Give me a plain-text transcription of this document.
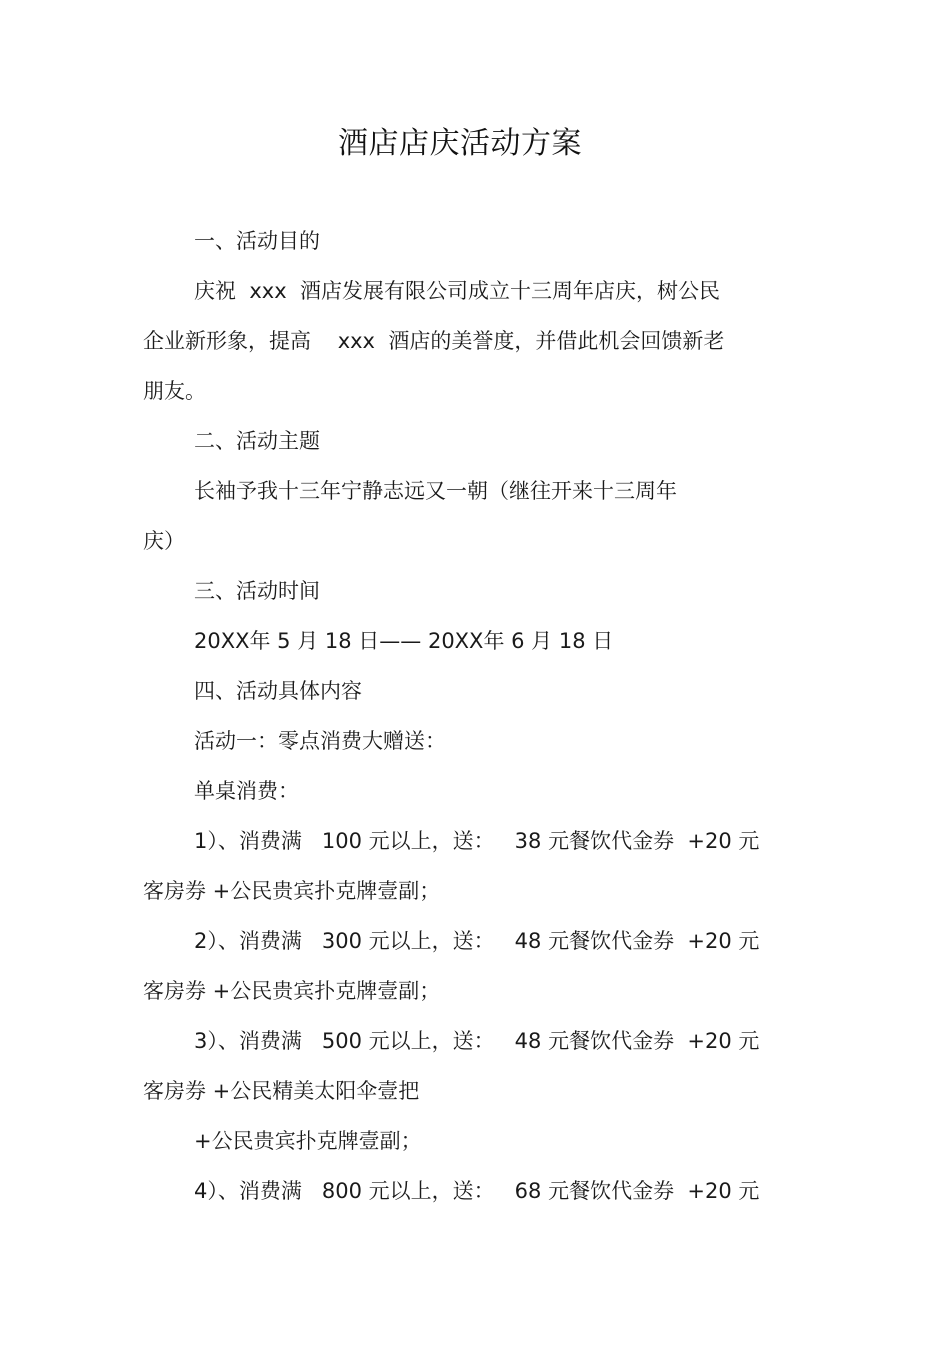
酒店店庆活动方案
一、活动目的
庆祝  xxx  酒店发展有限公司成立十三周年店庆，树公民
企业新形象，提高    xxx  酒店的美誉度，并借此机会回馈新老
朋友。
二、活动主题
长袖予我十三年宁静志远又一朝（继往开来十三周年
庆）
三、活动时间
20XX年 5 月 18 日—— 20XX年 6 月 18 日
四、活动具体内容
活动一：零点消费大赠送：
单桌消费：
1）、消费满   100 元以上，送：   38 元餐饮代金券  +20 元
客房券 +公民贵宾扑克牌壹副；
2）、消费满   300 元以上，送：   48 元餐饮代金券  +20 元
客房券 +公民贵宾扑克牌壹副；
3）、消费满   500 元以上，送：   48 元餐饮代金券  +20 元
客房券 +公民精美太阳伞壹把
+公民贵宾扑克牌壹副；
4）、消费满   800 元以上，送：   68 元餐饮代金券  +20 元
